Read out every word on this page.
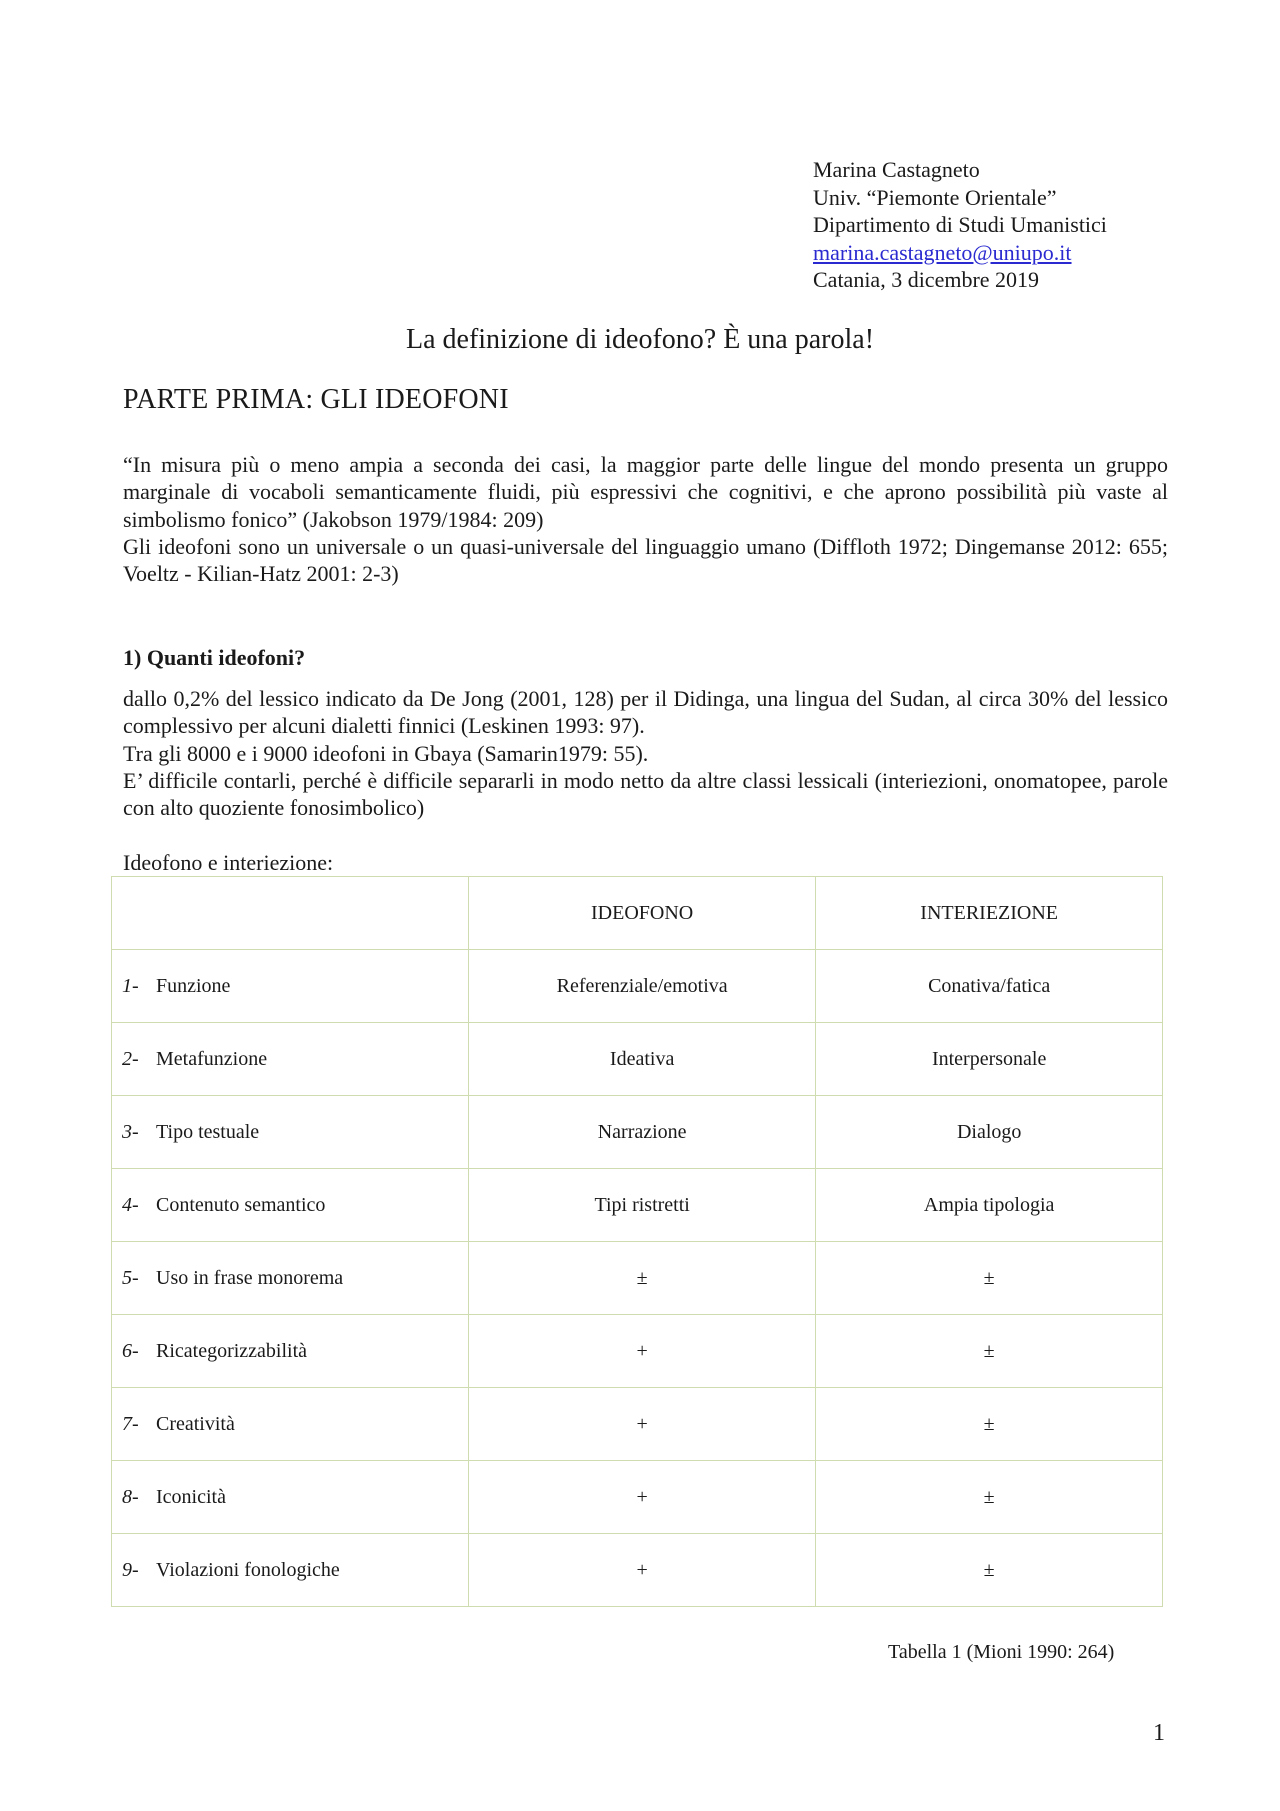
Marina Castagneto
Univ. “Piemonte Orientale”
Dipartimento di Studi Umanistici
marina.castagneto@uniupo.it
Catania, 3 dicembre 2019
La definizione di ideofono? È una parola!
PARTE PRIMA: GLI IDEOFONI

“In misura più o meno ampia a seconda dei casi, la maggior parte delle lingue del mondo presenta un gruppo marginale di vocaboli semanticamente fluidi, più espressivi che cognitivi, e che aprono possibilità più vaste al simbolismo fonico” (Jakobson 1979/1984: 209)

Gli ideofoni sono un universale o un quasi-universale del linguaggio umano (Diffloth 1972; Dingemanse 2012: 655; Voeltz - Kilian-Hatz 2001: 2-3)

1) Quanti ideofoni?

dallo 0,2% del lessico indicato da De Jong (2001, 128) per il Didinga, una lingua del Sudan, al circa 30% del lessico complessivo per alcuni dialetti finnici (Leskinen 1993: 97).

Tra gli 8000 e i 9000 ideofoni in Gbaya (Samarin1979: 55).

E’ difficile contarli, perché è difficile separarli in modo netto da altre classi lessicali (interiezioni, onomatopee, parole con alto quoziente fonosimbolico)

Ideofono e interiezione:
	IDEOFONO	INTERIEZIONE
1- Funzione	Referenziale/emotiva	Conativa/fatica
2- Metafunzione	Ideativa	Interpersonale
3- Tipo testuale	Narrazione	Dialogo
4- Contenuto semantico	Tipi ristretti	Ampia tipologia
5- Uso in frase monorema	±	±
6- Ricategorizzabilità	+	±
7- Creatività	+	±
8- Iconicità	+	±
9- Violazioni fonologiche	+	±
Tabella 1 (Mioni 1990: 264)
1
